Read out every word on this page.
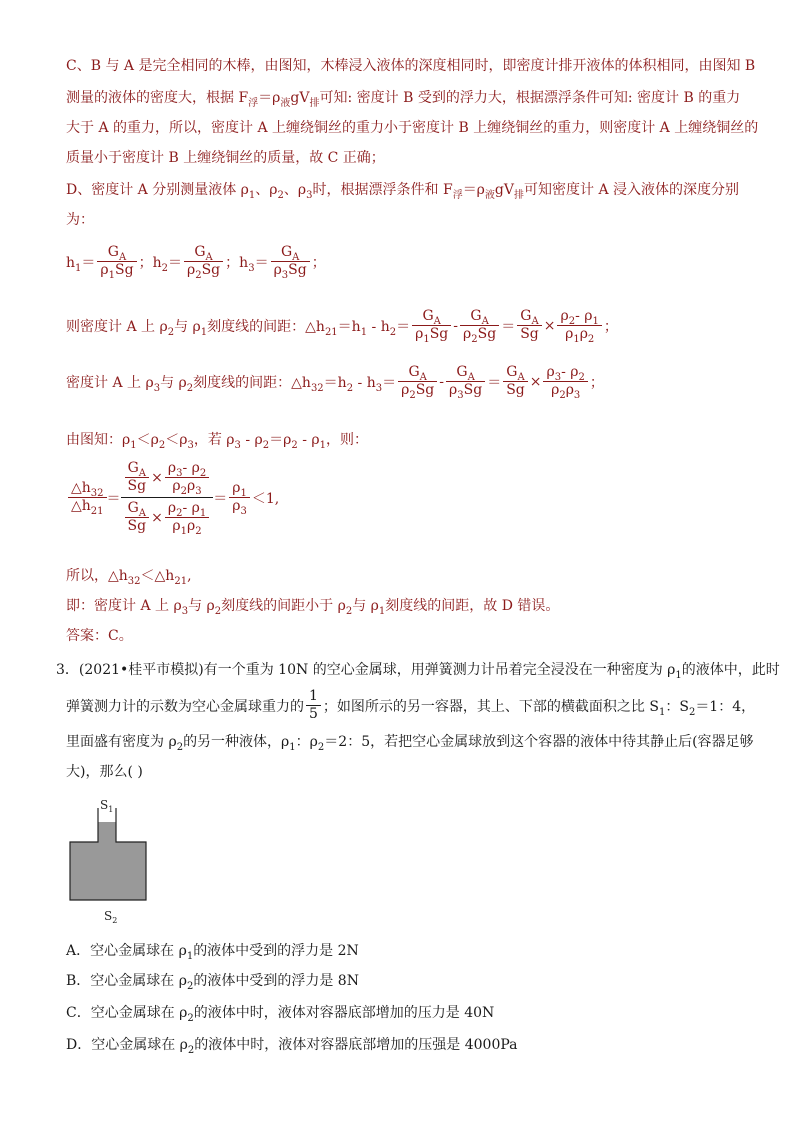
C、B 与 A 是完全相同的木棒，由图知，木棒浸入液体的深度相同时，即密度计排开液体的体积相同，由图知 B
测量的液体的密度大，根据 $F_浮=\rho_液gV_排$可知: 密度计 B 受到的浮力大，根据漂浮条件可知: 密度计 B 的重力
大于 A 的重力，所以，密度计 A 上缠绕铜丝的重力小于密度计 B 上缠绕铜丝的重力，则密度计 A 上缠绕铜丝的
质量小于密度计 B 上缠绕铜丝的质量，故 C 正确；
D、密度计 A 分别测量液体 $\rho_1$、$\rho_2$、$\rho_3$时，根据漂浮条件和 $F_浮=\rho_液gV_排$可知密度计 A 浸入液体的深度分别
为：
$h_1= \frac{G_A}{\rho_1Sg}$ ；$h_2= \frac{G_A}{\rho_2Sg}$ ；$h_3= \frac{G_A}{\rho_3Sg}$ ；
则密度计 A 上 $\rho_2$与 $\rho_1$刻度线的间距：$\triangle h_{21}=h_1 - h_2= \frac{G_A}{\rho_1Sg} - \frac{G_A}{\rho_2Sg} = \frac{G_A}{Sg} \times \frac{\rho_2- \rho_1}{\rho_1\rho_2}$ ；
密度计 A 上 $\rho_3$与 $\rho_2$刻度线的间距：$\triangle h_{32}=h_2 - h_3= \frac{G_A}{\rho_2Sg} - \frac{G_A}{\rho_3Sg} = \frac{G_A}{Sg} \times \frac{\rho_3- \rho_2}{\rho_2\rho_3}$ ；
由图知：$\rho_1<\rho_2<\rho_3$，若 $\rho_3 - \rho_2=\rho_2 - \rho_1$，则：
$\frac{\triangle h_{32}}{\triangle h_{21}}$ ＝
$\frac{G_A}{Sg} \times \frac{\rho_3- \rho_2}{\rho_2\rho_3}$
$\frac{G_A}{Sg} \times \frac{\rho_2- \rho_1}{\rho_1\rho_2}$
＝ $\frac{\rho_1}{\rho_3} <1$,
所以，$\triangle h_{32}<\triangle h_{21}$,
即：密度计 A 上 $\rho_3$与 $\rho_2$刻度线的间距小于 $\rho_2$与 $\rho_1$刻度线的间距，故 D 错误。
答案：C。
3．(2021•桂平市模拟)有一个重为 10N 的空心金属球，用弹簧测力计吊着完全浸没在一种密度为 $\rho_1$的液体中，此时
弹簧测力计的示数为空心金属球重力的 $\frac{1}{5}$ ；如图所示的另一容器，其上、下部的横截面积之比 $S_1$：$S_2=1$：4，
里面盛有密度为 $\rho_2$的另一种液体，$\rho_1$：$\rho_2=2$：5，若把空心金属球放到这个容器的液体中待其静止后(容器足够
大)，那么( )
$S_1$
$S_2$
A．空心金属球在 $\rho_1$的液体中受到的浮力是 2N
B．空心金属球在 $\rho_2$的液体中受到的浮力是 8N
C．空心金属球在 $\rho_2$的液体中时，液体对容器底部增加的压力是 40N
D．空心金属球在 $\rho_2$的液体中时，液体对容器底部增加的压强是 4000Pa
